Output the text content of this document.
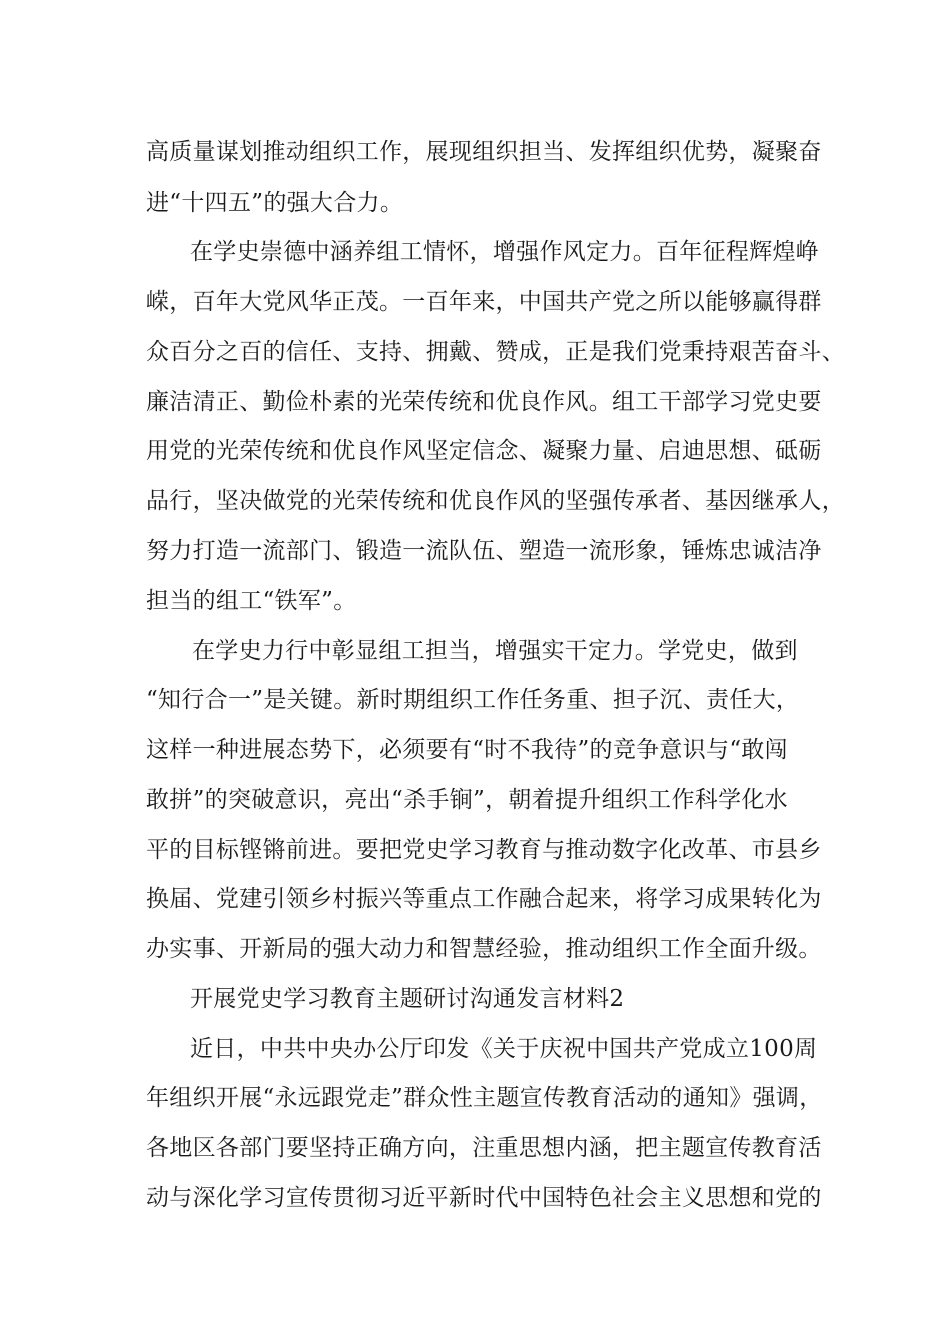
高质量谋划推动组织工作，展现组织担当、发挥组织优势，凝聚奋
进“十四五”的强大合力。
在学史崇德中涵养组工情怀，增强作风定力。百年征程辉煌峥
嵘，百年大党风华正茂。一百年来，中国共产党之所以能够赢得群
众百分之百的信任、支持、拥戴、赞成，正是我们党秉持艰苦奋斗、
廉洁清正、勤俭朴素的光荣传统和优良作风。组工干部学习党史要
用党的光荣传统和优良作风坚定信念、凝聚力量、启迪思想、砥砺
品行，坚决做党的光荣传统和优良作风的坚强传承者、基因继承人，
努力打造一流部门、锻造一流队伍、塑造一流形象，锤炼忠诚洁净
担当的组工“铁军”。
在学史力行中彰显组工担当，增强实干定力。学党史，做到
“知行合一”是关键。新时期组织工作任务重、担子沉、责任大，
这样一种进展态势下，必须要有“时不我待”的竞争意识与“敢闯
敢拼”的突破意识，亮出“杀手锏”，朝着提升组织工作科学化水
平的目标铿锵前进。要把党史学习教育与推动数字化改革、市县乡
换届、党建引领乡村振兴等重点工作融合起来，将学习成果转化为
办实事、开新局的强大动力和智慧经验，推动组织工作全面升级。
开展党史学习教育主题研讨沟通发言材料2
近日，中共中央办公厅印发《关于庆祝中国共产党成立100周
年组织开展“永远跟党走”群众性主题宣传教育活动的通知》强调，
各地区各部门要坚持正确方向，注重思想内涵，把主题宣传教育活
动与深化学习宣传贯彻习近平新时代中国特色社会主义思想和党的
